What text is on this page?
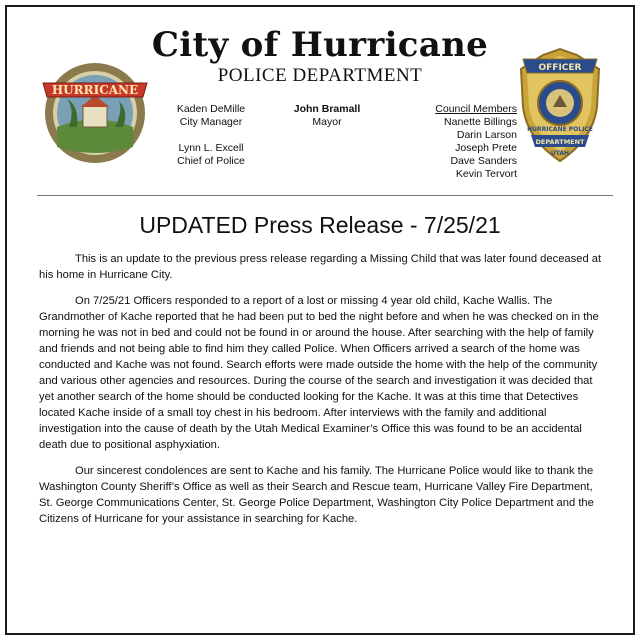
HURRICANE
City of Hurricane
POLICE DEPARTMENT
Kaden DeMille
City Manager
Lynn L. Excell
Chief of Police
John Bramall
Mayor
Council Members
Nanette Billings
Darin Larson
Joseph Prete
Dave Sanders
Kevin Tervort
OFFICER
HURRICANE POLICE
DEPARTMENT
UTAH
UPDATED Press Release - 7/25/21

This is an update to the previous press release regarding a Missing Child that was later found deceased at his home in Hurricane City.

On 7/25/21 Officers responded to a report of a lost or missing 4 year old child, Kache Wallis. The Grandmother of Kache reported that he had been put to bed the night before and when he was checked on in the morning he was not in bed and could not be found in or around the house. After searching with the help of family and friends and not being able to find him they called Police. When Officers arrived a search of the home was conducted and Kache was not found. Search efforts were made outside the home with the help of the community and various other agencies and resources. During the course of the search and investigation it was decided that yet another search of the home should be conducted looking for the Kache. It was at this time that Detectives located Kache inside of a small toy chest in his bedroom. After interviews with the family and additional investigation into the cause of death by the Utah Medical Examiner’s Office this was found to be an accidental death due to positional asphyxiation.

Our sincerest condolences are sent to Kache and his family. The Hurricane Police would like to thank the Washington County Sheriff’s Office as well as their Search and Rescue team, Hurricane Valley Fire Department, St. George Communications Center, St. George Police Department, Washington City Police Department and the Citizens of Hurricane for your assistance in searching for Kache.
